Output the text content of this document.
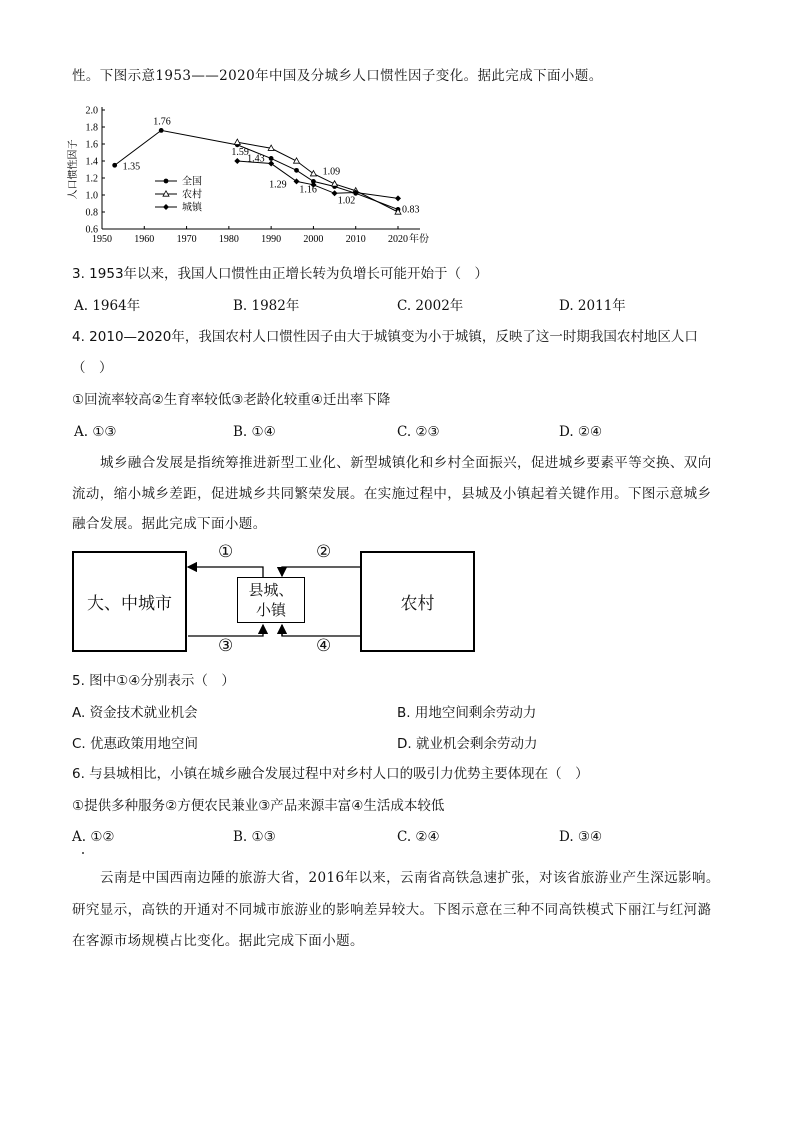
性。下图示意1953——2020年中国及分城乡人口惯性因子变化。据此完成下面小题。
0.6
0.8
1.0
1.2
1.4
1.6
1.8
2.0
1950 1960 1970 1980 1990 2000 2010 2020 年份
人口惯性因子	1.35
1.76
1.59
1.43
1.29 1.16
1.09
1.02
0.83
全国
农村
城镇
3. 1953年以来，我国人口惯性由正增长转为负增长可能开始于（　）
A. 1964年	B. 1982年	C. 2002年	D. 2011年
4. 2010—2020年，我国农村人口惯性因子由大于城镇变为小于城镇，反映了这一时期我国农村地区人口
（　）
①回流率较高②生育率较低③老龄化较重④迁出率下降
A. ①③	B. ①④	C. ②③	D. ②④
城乡融合发展是指统筹推进新型工业化、新型城镇化和乡村全面振兴，促进城乡要素平等交换、双向
流动，缩小城乡差距，促进城乡共同繁荣发展。在实施过程中，县城及小镇起着关键作用。下图示意城乡
融合发展。据此完成下面小题。
大、中城市	农村
县城、
小镇
①	②
③	④
5. 图中①④分别表示（　）
A. 资金技术就业机会	B. 用地空间剩余劳动力
C. 优惠政策用地空间	D. 就业机会剩余劳动力
6. 与县城相比，小镇在城乡融合发展过程中对乡村人口的吸引力优势主要体现在（　）
①提供多种服务②方便农民兼业③产品来源丰富④生活成本较低
A. ①②	B. ①③	C. ②④	D. ③④
云南是中国西南边陲的旅游大省，2016年以来，云南省高铁急速扩张，对该省旅游业产生深远影响。
研究显示，高铁的开通对不同城市旅游业的影响差异较大。下图示意在三种不同高铁模式下丽江与红河潞
在客源市场规模占比变化。据此完成下面小题。
